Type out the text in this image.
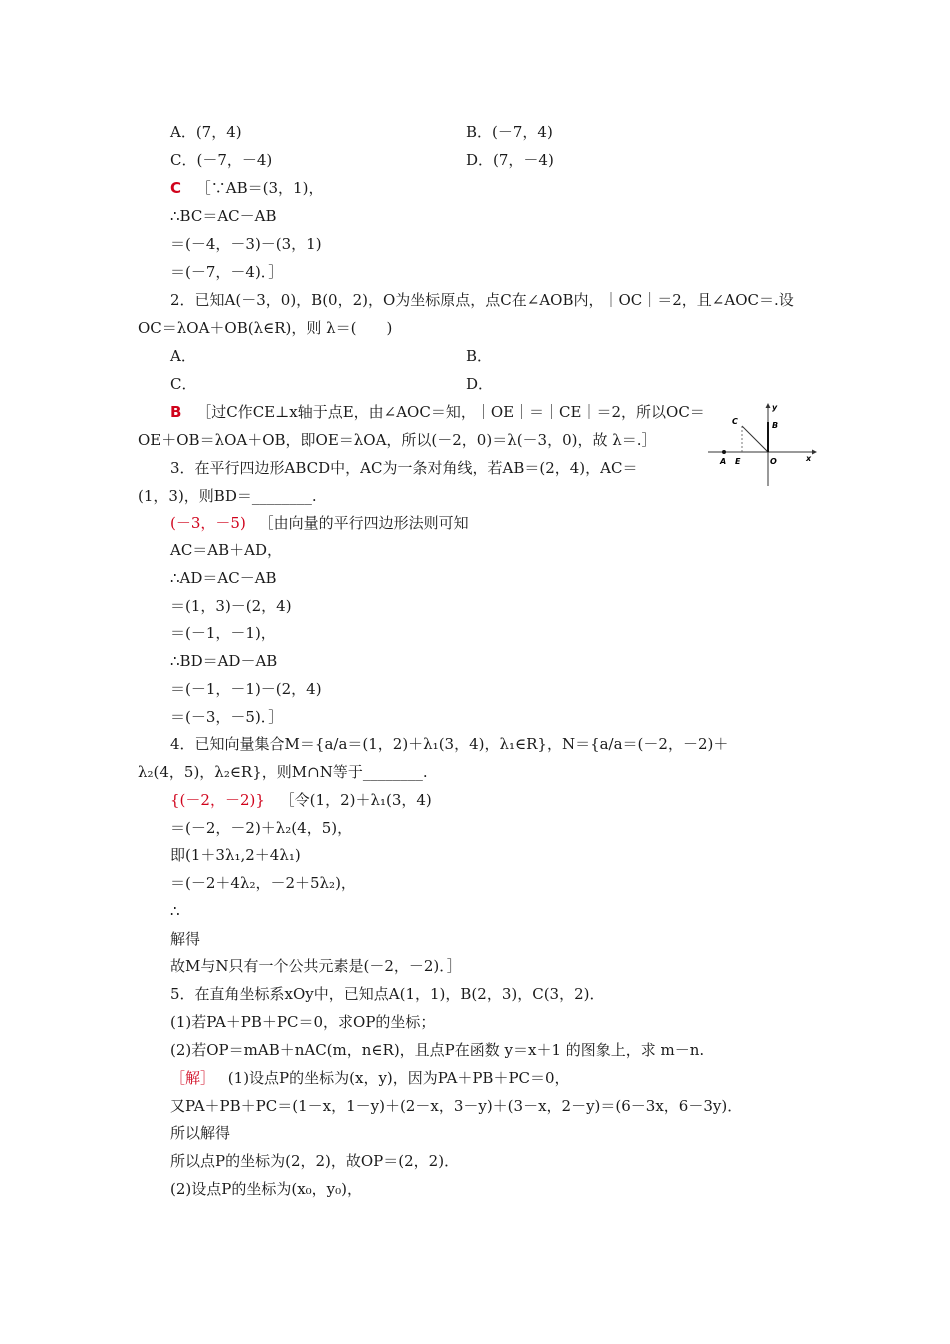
A．(7，4)	B．(－7，4)
C．(－7，－4)	D．(7，－4)
C ［∵AB＝(3，1)，
∴BC＝AC－AB
＝(－4，－3)－(3，1)
＝(－7，－4)．］
2．已知A(－3，0)，B(0，2)，O为坐标原点，点C在∠AOB内，｜OC｜＝2，且∠AOC＝.设
OC＝λOA＋OB(λ∈R)，则 λ＝(　　)
A．	B．
C．	D．
B ［过C作CE⊥x轴于点E，由∠AOC＝知，｜OE｜＝｜CE｜＝2，所以OC＝
OE＋OB＝λOA＋OB，即OE＝λOA，所以(－2，0)＝λ(－3，0)，故 λ＝.］
y
C	B
A E	O	x
3．在平行四边形ABCD中，AC为一条对角线，若AB＝(2，4)，AC＝
(1，3)，则BD＝________.
(－3，－5) ［由向量的平行四边形法则可知
AC＝AB＋AD，
∴AD＝AC－AB
＝(1，3)－(2，4)
＝(－1，－1)，
∴BD＝AD－AB
＝(－1，－1)－(2，4)
＝(－3，－5)．］
4．已知向量集合M＝{a/a＝(1，2)＋λ₁(3，4)，λ₁∈R}，N＝{a/a＝(－2，－2)＋
λ₂(4，5)，λ₂∈R}，则M∩N等于________.
{(－2，－2)} ［令(1，2)＋λ₁(3，4)
＝(－2，－2)＋λ₂(4，5)，
即(1＋3λ₁,2＋4λ₁)
＝(－2＋4λ₂，－2＋5λ₂)，
∴
解得
故M与N只有一个公共元素是(－2，－2)．］
5．在直角坐标系xOy中，已知点A(1，1)，B(2，3)，C(3，2)．
(1)若PA＋PB＋PC＝0，求OP的坐标；
(2)若OP＝mAB＋nAC(m，n∈R)，且点P在函数 y＝x＋1 的图象上，求 m－n.
［解］ (1)设点P的坐标为(x，y)，因为PA＋PB＋PC＝0，
又PA＋PB＋PC＝(1－x，1－y)＋(2－x，3－y)＋(3－x，2－y)＝(6－3x，6－3y)．
所以解得
所以点P的坐标为(2，2)，故OP＝(2，2)．
(2)设点P的坐标为(x₀，y₀)，
